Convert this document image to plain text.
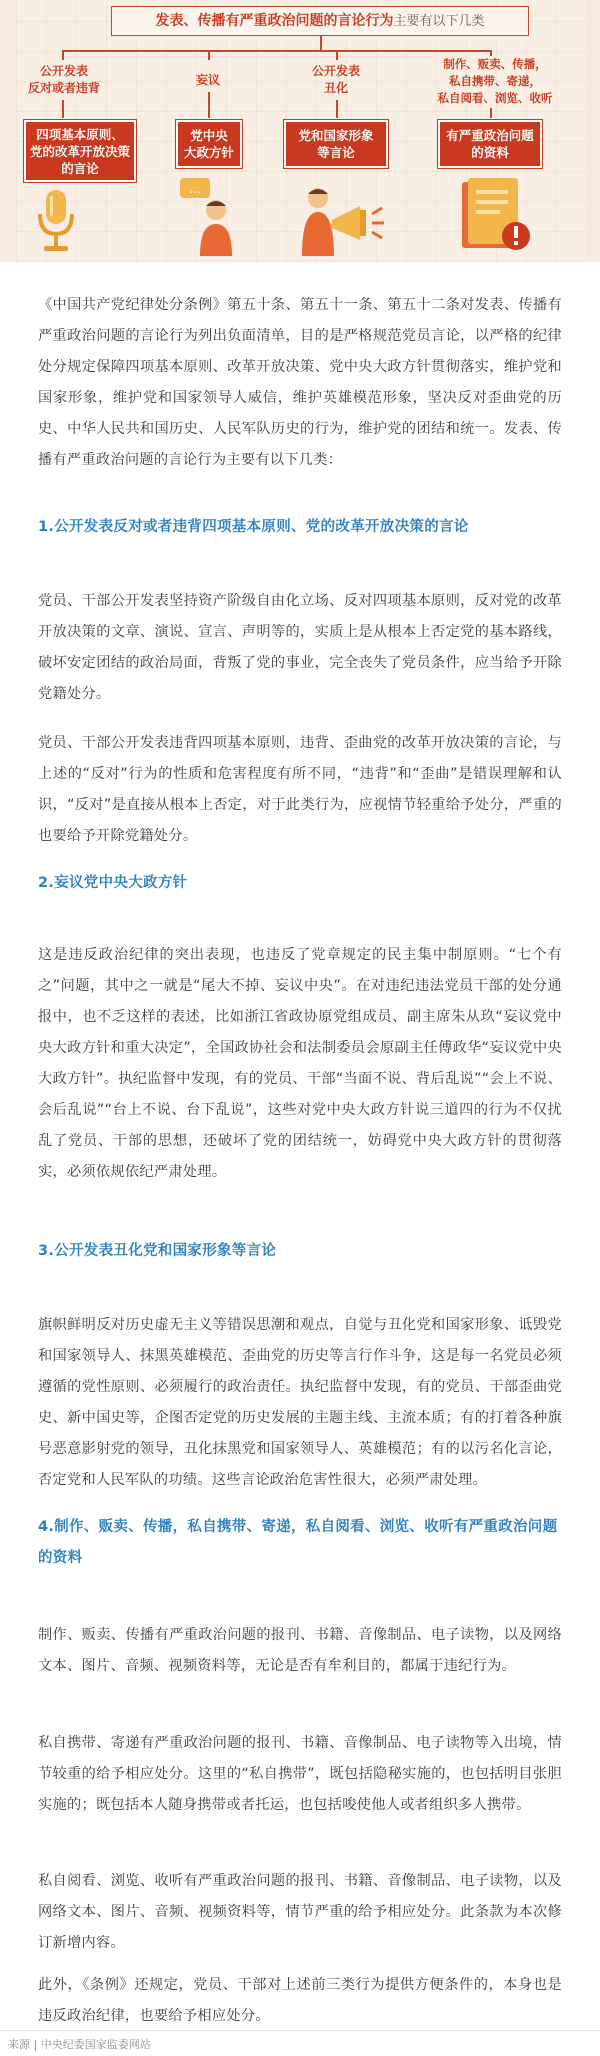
发表、传播有严重政治问题的言论行为主要有以下几类
公开发表
反对或者违背
四项基本原则、
党的改革开放决策
的言论
妄议
党中央
大政方针
...
公开发表
丑化
党和国家形象
等言论
制作、贩卖、传播，
私自携带、寄递，
私自阅看、浏览、收听
有严重政治问题
的资料

《中国共产党纪律处分条例》第五十条、第五十一条、第五十二条对发表、传播有严重政治问题的言论行为列出负面清单，目的是严格规范党员言论，以严格的纪律处分规定保障四项基本原则、改革开放决策、党中央大政方针贯彻落实，维护党和国家形象，维护党和国家领导人威信，维护英雄模范形象，坚决反对歪曲党的历史、中华人民共和国历史、人民军队历史的行为，维护党的团结和统一。发表、传播有严重政治问题的言论行为主要有以下几类：

1.公开发表反对或者违背四项基本原则、党的改革开放决策的言论

党员、干部公开发表坚持资产阶级自由化立场、反对四项基本原则，反对党的改革开放决策的文章、演说、宣言、声明等的，实质上是从根本上否定党的基本路线，破坏安定团结的政治局面，背叛了党的事业，完全丧失了党员条件，应当给予开除党籍处分。

党员、干部公开发表违背四项基本原则，违背、歪曲党的改革开放决策的言论，与上述的“反对”行为的性质和危害程度有所不同，“违背”和“歪曲”是错误理解和认识，“反对”是直接从根本上否定，对于此类行为，应视情节轻重给予处分，严重的也要给予开除党籍处分。

2.妄议党中央大政方针

这是违反政治纪律的突出表现，也违反了党章规定的民主集中制原则。“七个有之”问题，其中之一就是“尾大不掉、妄议中央”。在对违纪违法党员干部的处分通报中，也不乏这样的表述，比如浙江省政协原党组成员、副主席朱从玖“妄议党中央大政方针和重大决定”，全国政协社会和法制委员会原副主任傅政华“妄议党中央大政方针”。执纪监督中发现，有的党员、干部“当面不说、背后乱说”“会上不说、会后乱说”“台上不说、台下乱说”，这些对党中央大政方针说三道四的行为不仅扰乱了党员、干部的思想，还破坏了党的团结统一，妨碍党中央大政方针的贯彻落实，必须依规依纪严肃处理。

3.公开发表丑化党和国家形象等言论

旗帜鲜明反对历史虚无主义等错误思潮和观点，自觉与丑化党和国家形象、诋毁党和国家领导人、抹黑英雄模范、歪曲党的历史等言行作斗争，这是每一名党员必须遵循的党性原则、必须履行的政治责任。执纪监督中发现，有的党员、干部歪曲党史、新中国史等，企图否定党的历史发展的主题主线、主流本质；有的打着各种旗号恶意影射党的领导，丑化抹黑党和国家领导人、英雄模范；有的以污名化言论，否定党和人民军队的功绩。这些言论政治危害性很大，必须严肃处理。

4.制作、贩卖、传播，私自携带、寄递，私自阅看、浏览、收听有严重政治问题的资料

制作、贩卖、传播有严重政治问题的报刊、书籍、音像制品、电子读物，以及网络文本、图片、音频、视频资料等，无论是否有牟利目的，都属于违纪行为。

私自携带、寄递有严重政治问题的报刊、书籍、音像制品、电子读物等入出境，情节较重的给予相应处分。这里的“私自携带”，既包括隐秘实施的，也包括明目张胆实施的；既包括本人随身携带或者托运，也包括唆使他人或者组织多人携带。

私自阅看、浏览、收听有严重政治问题的报刊、书籍、音像制品、电子读物，以及网络文本、图片、音频、视频资料等，情节严重的给予相应处分。此条款为本次修订新增内容。

此外，《条例》还规定，党员、干部对上述前三类行为提供方便条件的，本身也是违反政治纪律，也要给予相应处分。

来源 | 中央纪委国家监委网站
